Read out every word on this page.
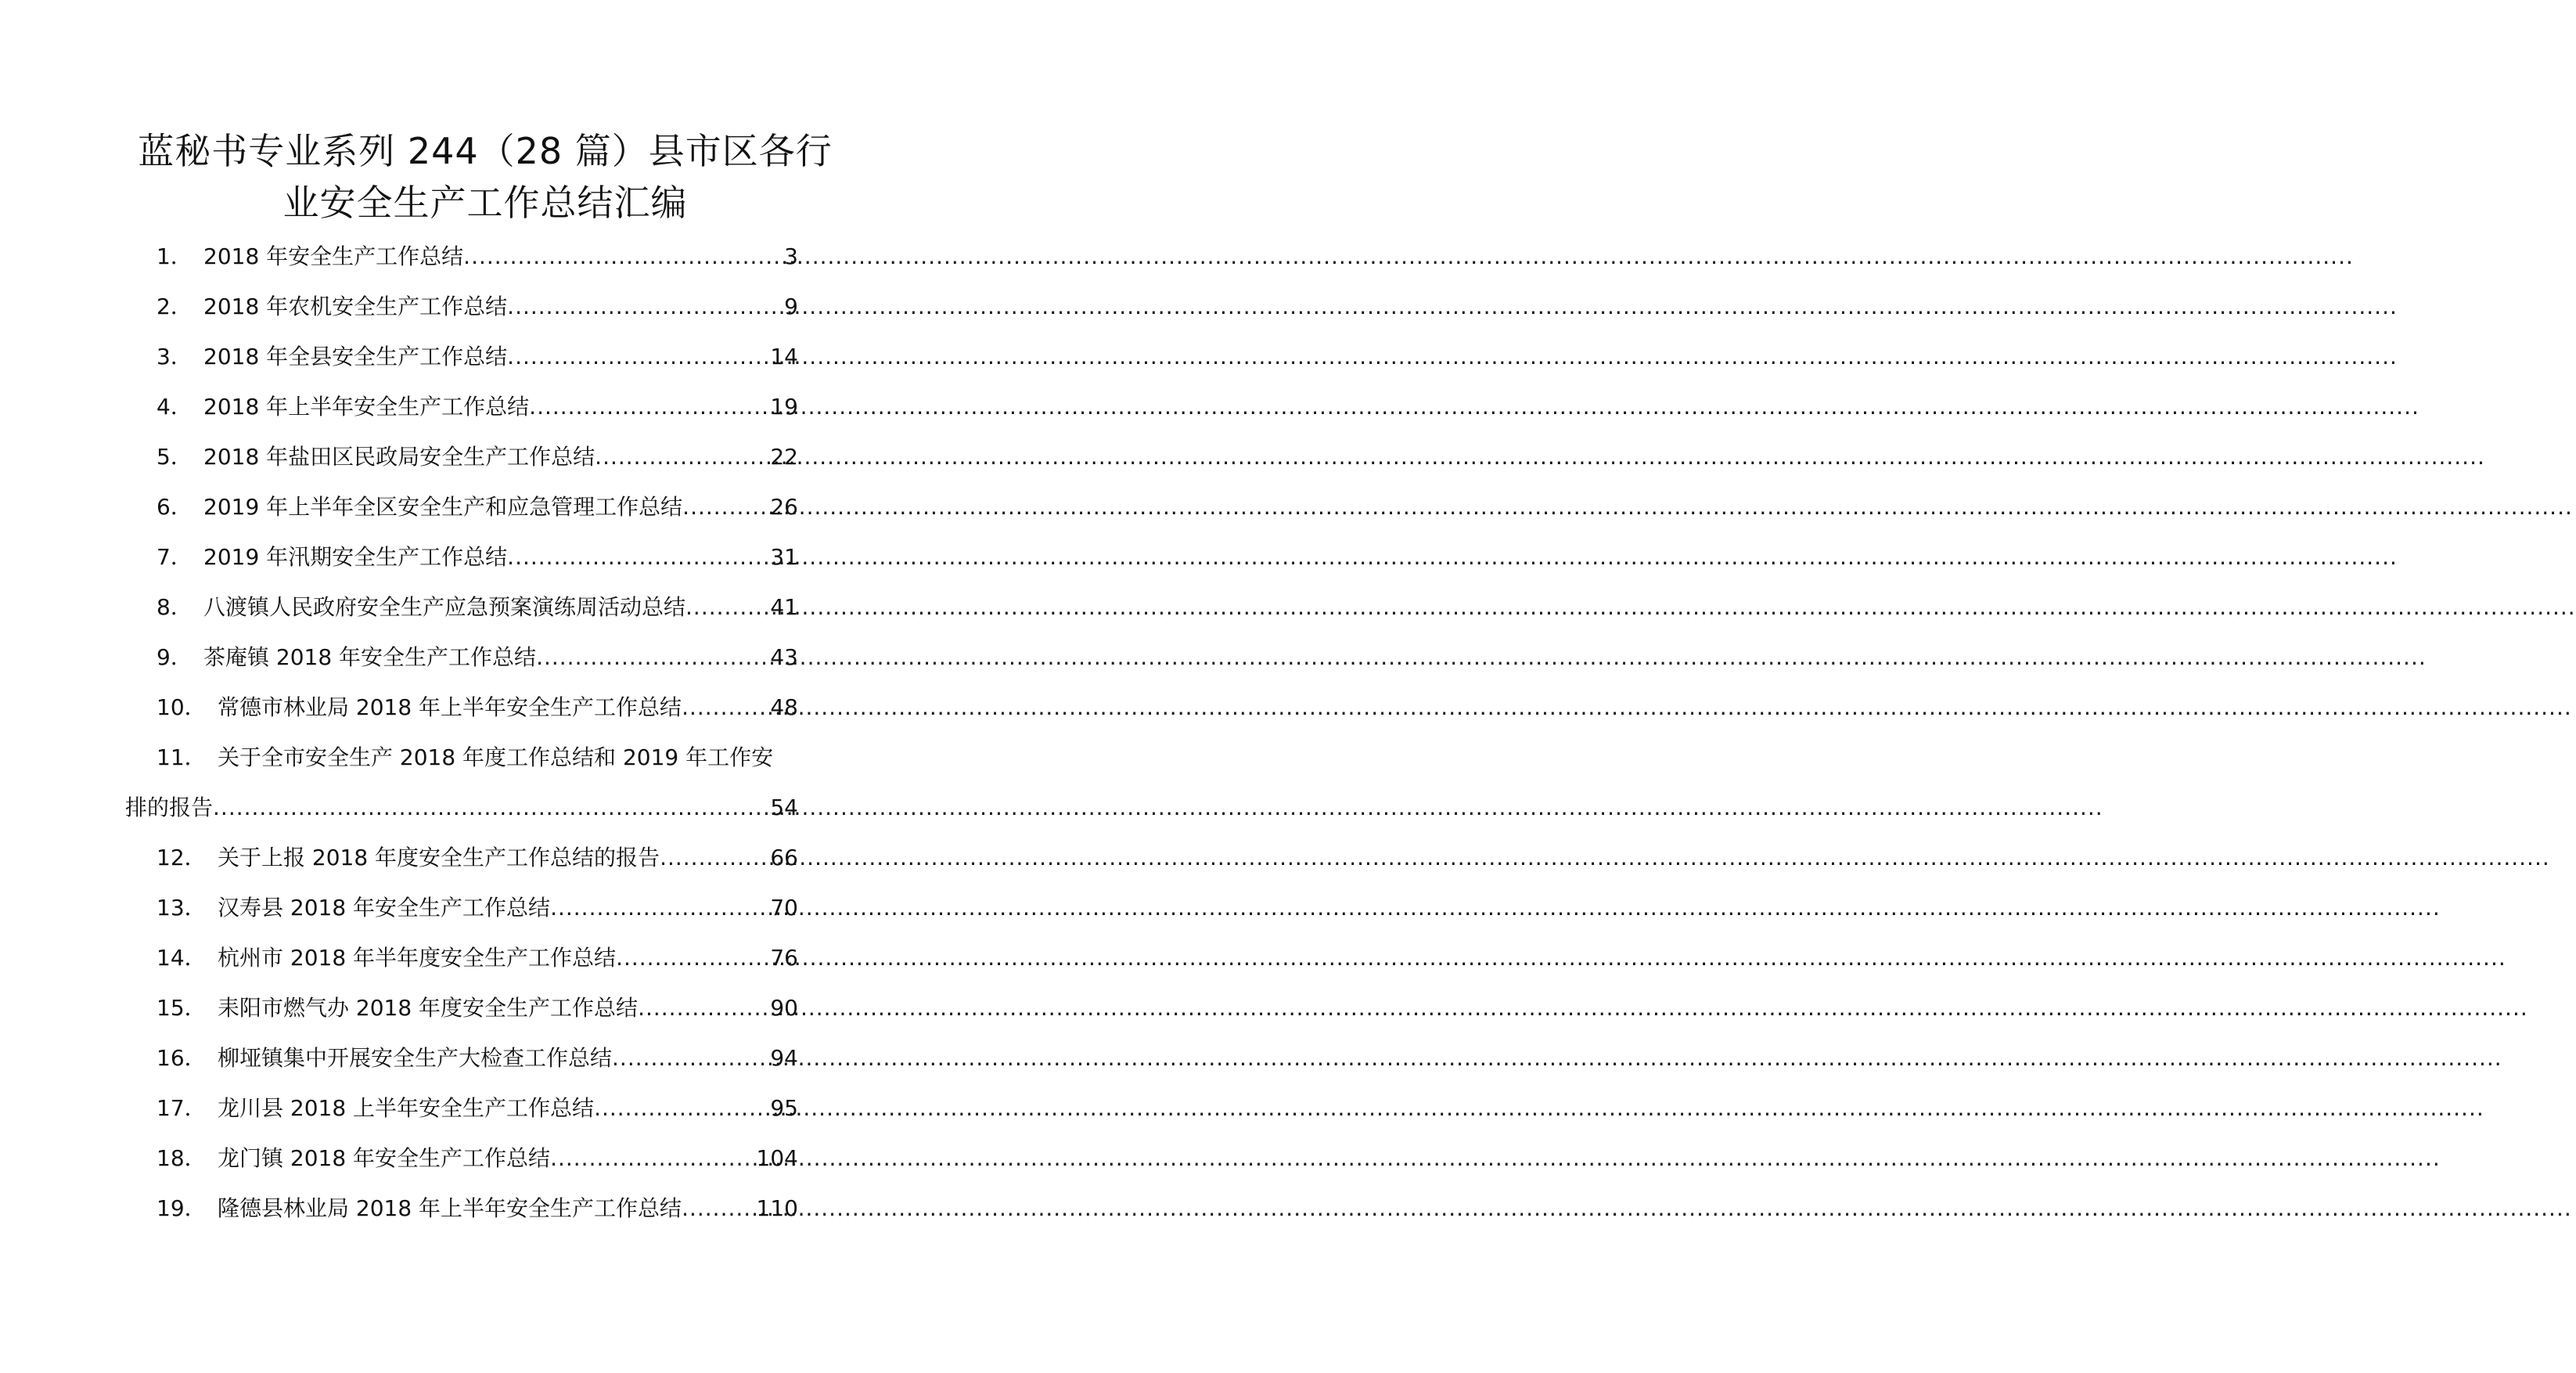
蓝秘书专业系列 244（28 篇）县市区各行
业安全生产工作总结汇编
1． 2018 年安全生产工作总结 .....	3
2． 2018 年农机安全生产工作总结 .....	9
3． 2018 年全县安全生产工作总结 .....	14
4． 2018 年上半年安全生产工作总结 .....	19
5． 2018 年盐田区民政局安全生产工作总结 .....	22
6． 2019 年上半年全区安全生产和应急管理工作总结 .....	26
7． 2019 年汛期安全生产工作总结 .....	31
8． 八渡镇人民政府安全生产应急预案演练周活动总结 .....	41
9． 茶庵镇 2018 年安全生产工作总结 .....	43
10． 常德市林业局 2018 年上半年安全生产工作总结 .....	48
11． 关于全市安全生产 2018 年度工作总结和 2019 年工作安
排的报告 .....	54
12． 关于上报 2018 年度安全生产工作总结的报告 .....	66
13． 汉寿县 2018 年安全生产工作总结 .....	70
14． 杭州市 2018 年半年度安全生产工作总结 .....	76
15． 耒阳市燃气办 2018 年度安全生产工作总结 .....	90
16． 柳垭镇集中开展安全生产大检查工作总结 .....	94
17． 龙川县 2018 上半年安全生产工作总结 .....	95
18． 龙门镇 2018 年安全生产工作总结 .....	104
19． 隆德县林业局 2018 年上半年安全生产工作总结 .....	110
